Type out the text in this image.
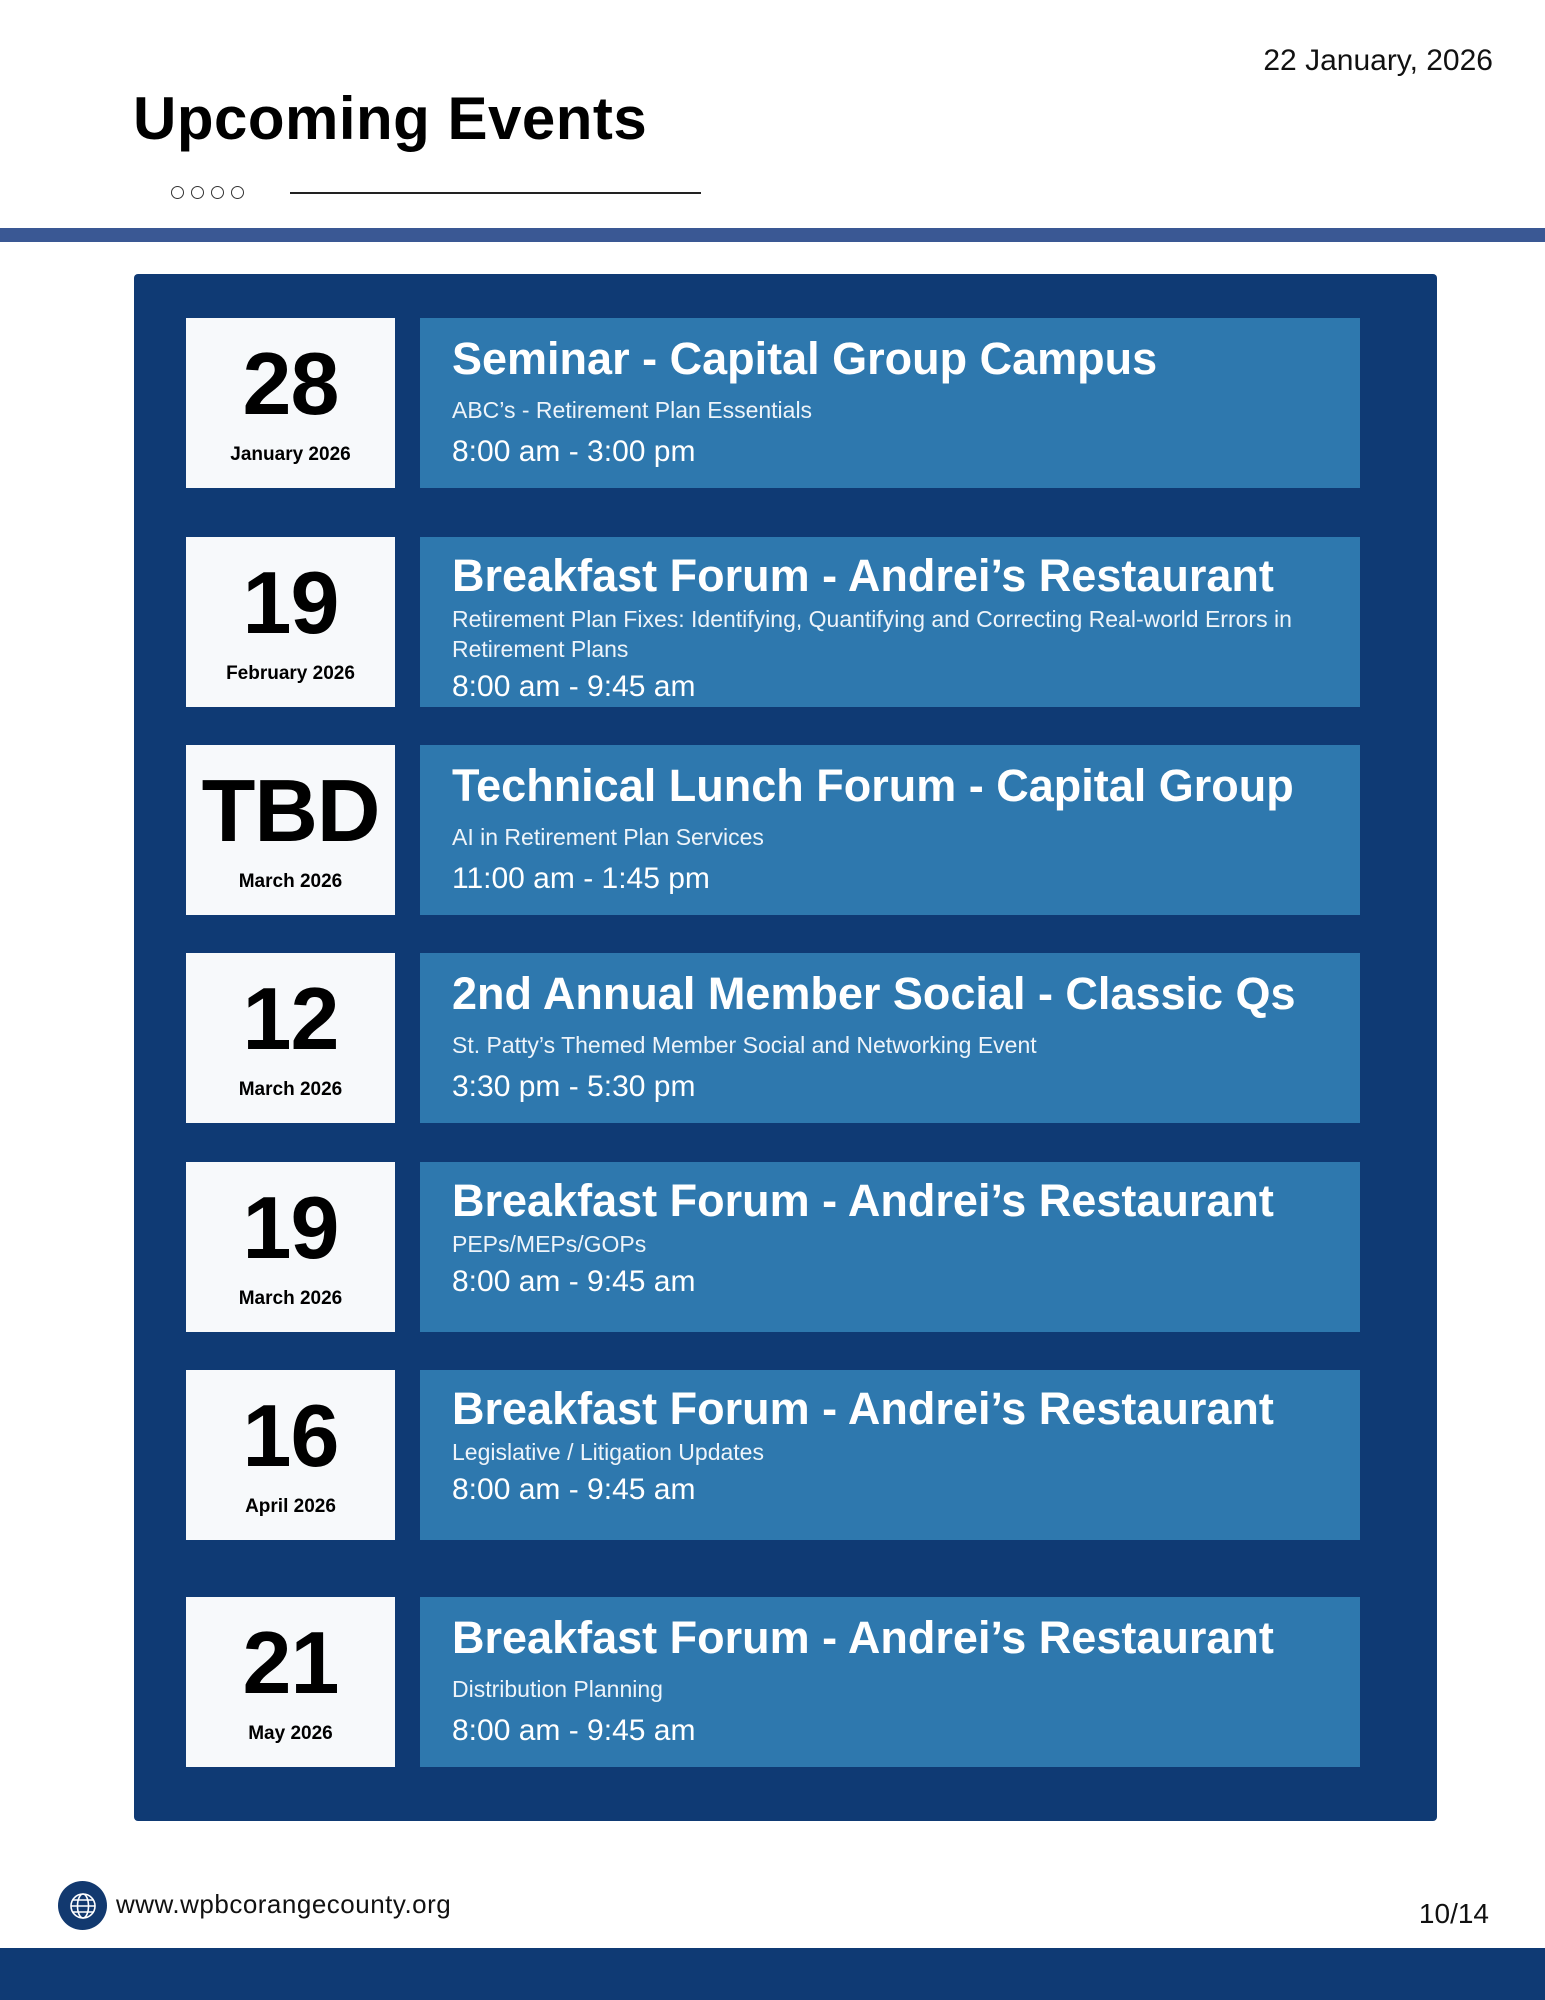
22 January, 2026
Upcoming Events
28
January 2026
Seminar - Capital Group Campus
ABC’s - Retirement Plan Essentials
8:00 am - 3:00 pm
19
February 2026
Breakfast Forum - Andrei’s Restaurant
Retirement Plan Fixes: Identifying, Quantifying and Correcting Real-world Errors in Retirement Plans
8:00 am - 9:45 am
TBD
March 2026
Technical Lunch Forum - Capital Group
AI in Retirement Plan Services
11:00 am - 1:45 pm
12
March 2026
2nd Annual Member Social - Classic Qs
St. Patty’s Themed Member Social and Networking Event
3:30 pm - 5:30 pm
19
March 2026
Breakfast Forum - Andrei’s Restaurant
PEPs/MEPs/GOPs
8:00 am - 9:45 am
16
April 2026
Breakfast Forum - Andrei’s Restaurant
Legislative / Litigation Updates
8:00 am - 9:45 am
21
May 2026
Breakfast Forum - Andrei’s Restaurant
Distribution Planning
8:00 am - 9:45 am
www.wpbcorangecounty.org	10/14
